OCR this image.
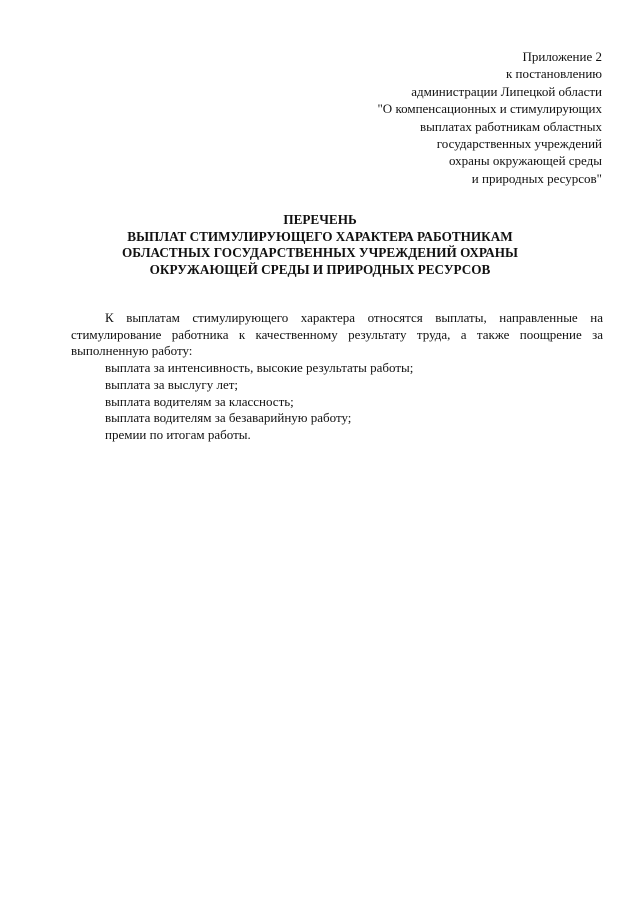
Приложение 2
к постановлению
администрации Липецкой области
"О компенсационных и стимулирующих
выплатах работникам областных
государственных учреждений
охраны окружающей среды
и природных ресурсов"
ПЕРЕЧЕНЬ
ВЫПЛАТ СТИМУЛИРУЮЩЕГО ХАРАКТЕРА РАБОТНИКАМ
ОБЛАСТНЫХ ГОСУДАРСТВЕННЫХ УЧРЕЖДЕНИЙ ОХРАНЫ
ОКРУЖАЮЩЕЙ СРЕДЫ И ПРИРОДНЫХ РЕСУРСОВ

К выплатам стимулирующего характера относятся выплаты, направленные на стимулирование работника к качественному результату труда, а также поощрение за выполненную работу:

выплата за интенсивность, высокие результаты работы;
выплата за выслугу лет;
выплата водителям за классность;
выплата водителям за безаварийную работу;
премии по итогам работы.
